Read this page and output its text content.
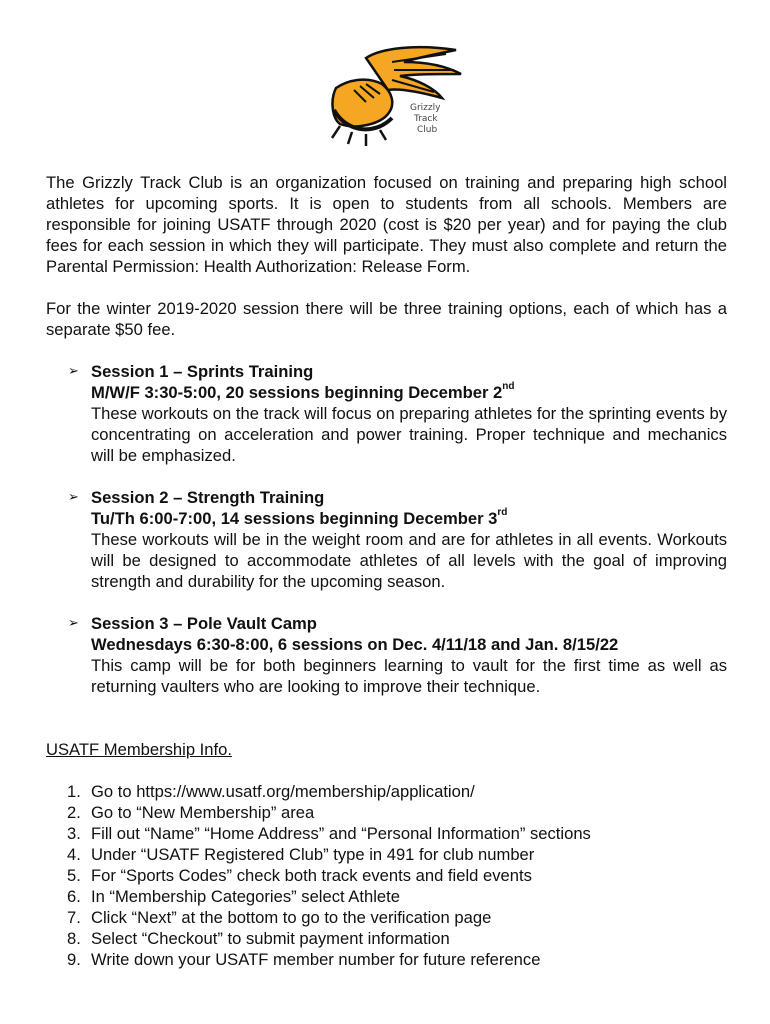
Grizzly
Track
Club

The Grizzly Track Club is an organization focused on training and preparing high school athletes for upcoming sports. It is open to students from all schools. Members are responsible for joining USATF through 2020 (cost is $20 per year) and for paying the club fees for each session in which they will participate. They must also complete and return the Parental Permission: Health Authorization: Release Form.

For the winter 2019-2020 session there will be three training options, each of which has a separate $50 fee.

➢ Session 1 – Sprints Training
M/W/F 3:30-5:00, 20 sessions beginning December 2nd
These workouts on the track will focus on preparing athletes for the sprinting events by concentrating on acceleration and power training. Proper technique and mechanics will be emphasized.
➢ Session 2 – Strength Training
Tu/Th 6:00-7:00, 14 sessions beginning December 3rd
These workouts will be in the weight room and are for athletes in all events. Workouts will be designed to accommodate athletes of all levels with the goal of improving strength and durability for the upcoming season.
➢ Session 3 – Pole Vault Camp
Wednesdays 6:30-8:00, 6 sessions on Dec. 4/11/18 and Jan. 8/15/22
This camp will be for both beginners learning to vault for the first time as well as returning vaulters who are looking to improve their technique.
USATF Membership Info.
1. Go to https://www.usatf.org/membership/application/
2. Go to “New Membership” area
3. Fill out “Name” “Home Address” and “Personal Information” sections
4. Under “USATF Registered Club” type in 491 for club number
5. For “Sports Codes” check both track events and field events
6. In “Membership Categories” select Athlete
7. Click “Next” at the bottom to go to the verification page
8. Select “Checkout” to submit payment information
9. Write down your USATF member number for future reference
